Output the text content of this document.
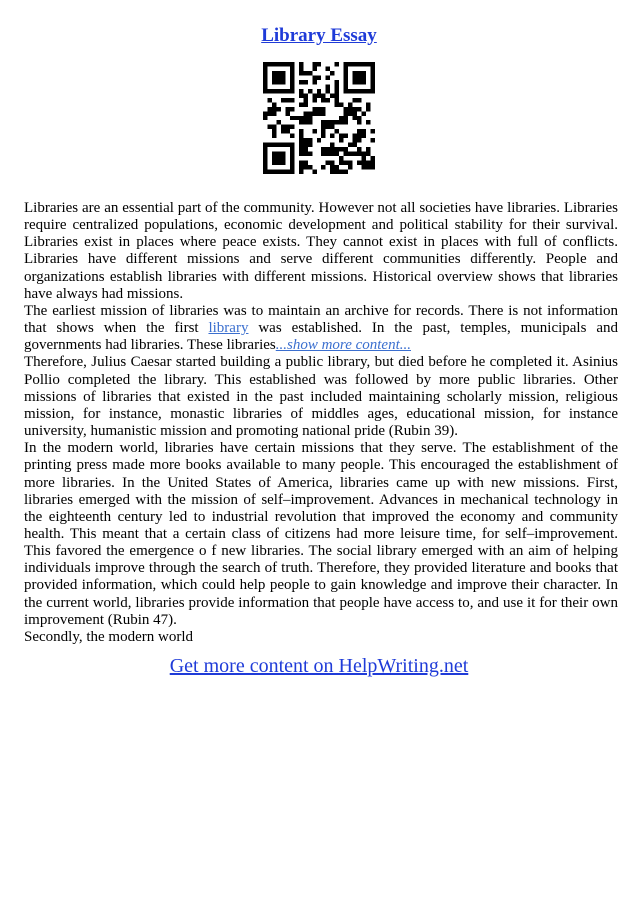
Library Essay

Libraries are an essential part of the community. However not all societies have libraries. Libraries require centralized populations, economic development and political stability for their survival. Libraries exist in places where peace exists. They cannot exist in places with full of conflicts. Libraries have different missions and serve different communities differently. People and organizations establish libraries with different missions. Historical overview shows that libraries have always had missions.

The earliest mission of libraries was to maintain an archive for records. There is not information that shows when the first library was established. In the past, temples, municipals and governments had libraries. These libraries...show more content...

Therefore, Julius Caesar started building a public library, but died before he completed it. Asinius Pollio completed the library. This established was followed by more public libraries. Other missions of libraries that existed in the past included maintaining scholarly mission, religious mission, for instance, monastic libraries of middles ages, educational mission, for instance university, humanistic mission and promoting national pride (Rubin 39).

In the modern world, libraries have certain missions that they serve. The establishment of the printing press made more books available to many people. This encouraged the establishment of more libraries. In the United States of America, libraries came up with new missions. First, libraries emerged with the mission of self–improvement. Advances in mechanical technology in the eighteenth century led to industrial revolution that improved the economy and community health. This meant that a certain class of citizens had more leisure time, for self–improvement. This favored the emergence o f new libraries. The social library emerged with an aim of helping individuals improve through the search of truth. Therefore, they provided literature and books that provided information, which could help people to gain knowledge and improve their character. In the current world, libraries provide information that people have access to, and use it for their own improvement (Rubin 47).

Secondly, the modern world

Get more content on HelpWriting.net
